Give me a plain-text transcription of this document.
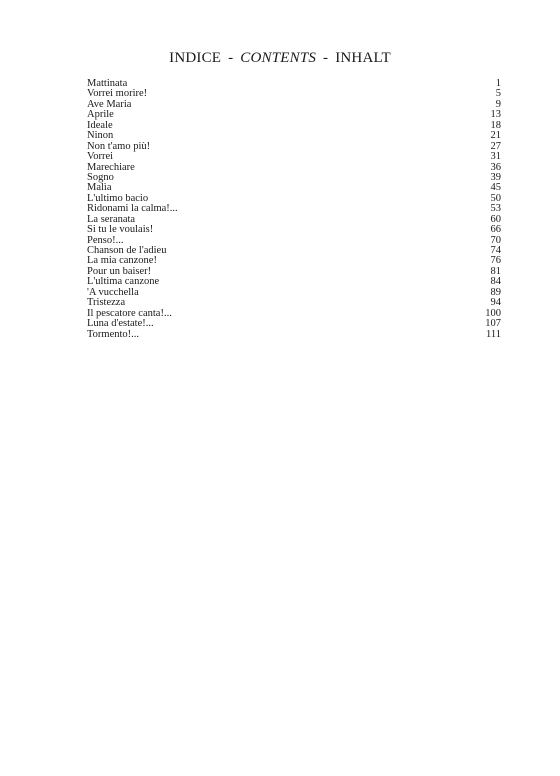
INDICE - CONTENTS - INHALT
Mattinata	1
Vorrei morire!	5
Ave Maria	9
Aprile	13
Ideale	18
Ninon	21
Non t'amo più!	27
Vorrei	31
Marechiare	36
Sogno	39
Malìa	45
L'ultimo bacio	50
Ridonami la calma!...	53
La seranata	60
Si tu le voulais!	66
Penso!...	70
Chanson de l'adieu	74
La mia canzone!	76
Pour un baiser!	81
L'ultima canzone	84
'A vucchella	89
Tristezza	94
Il pescatore canta!...	100
Luna d'estate!...	107
Tormento!...	111
